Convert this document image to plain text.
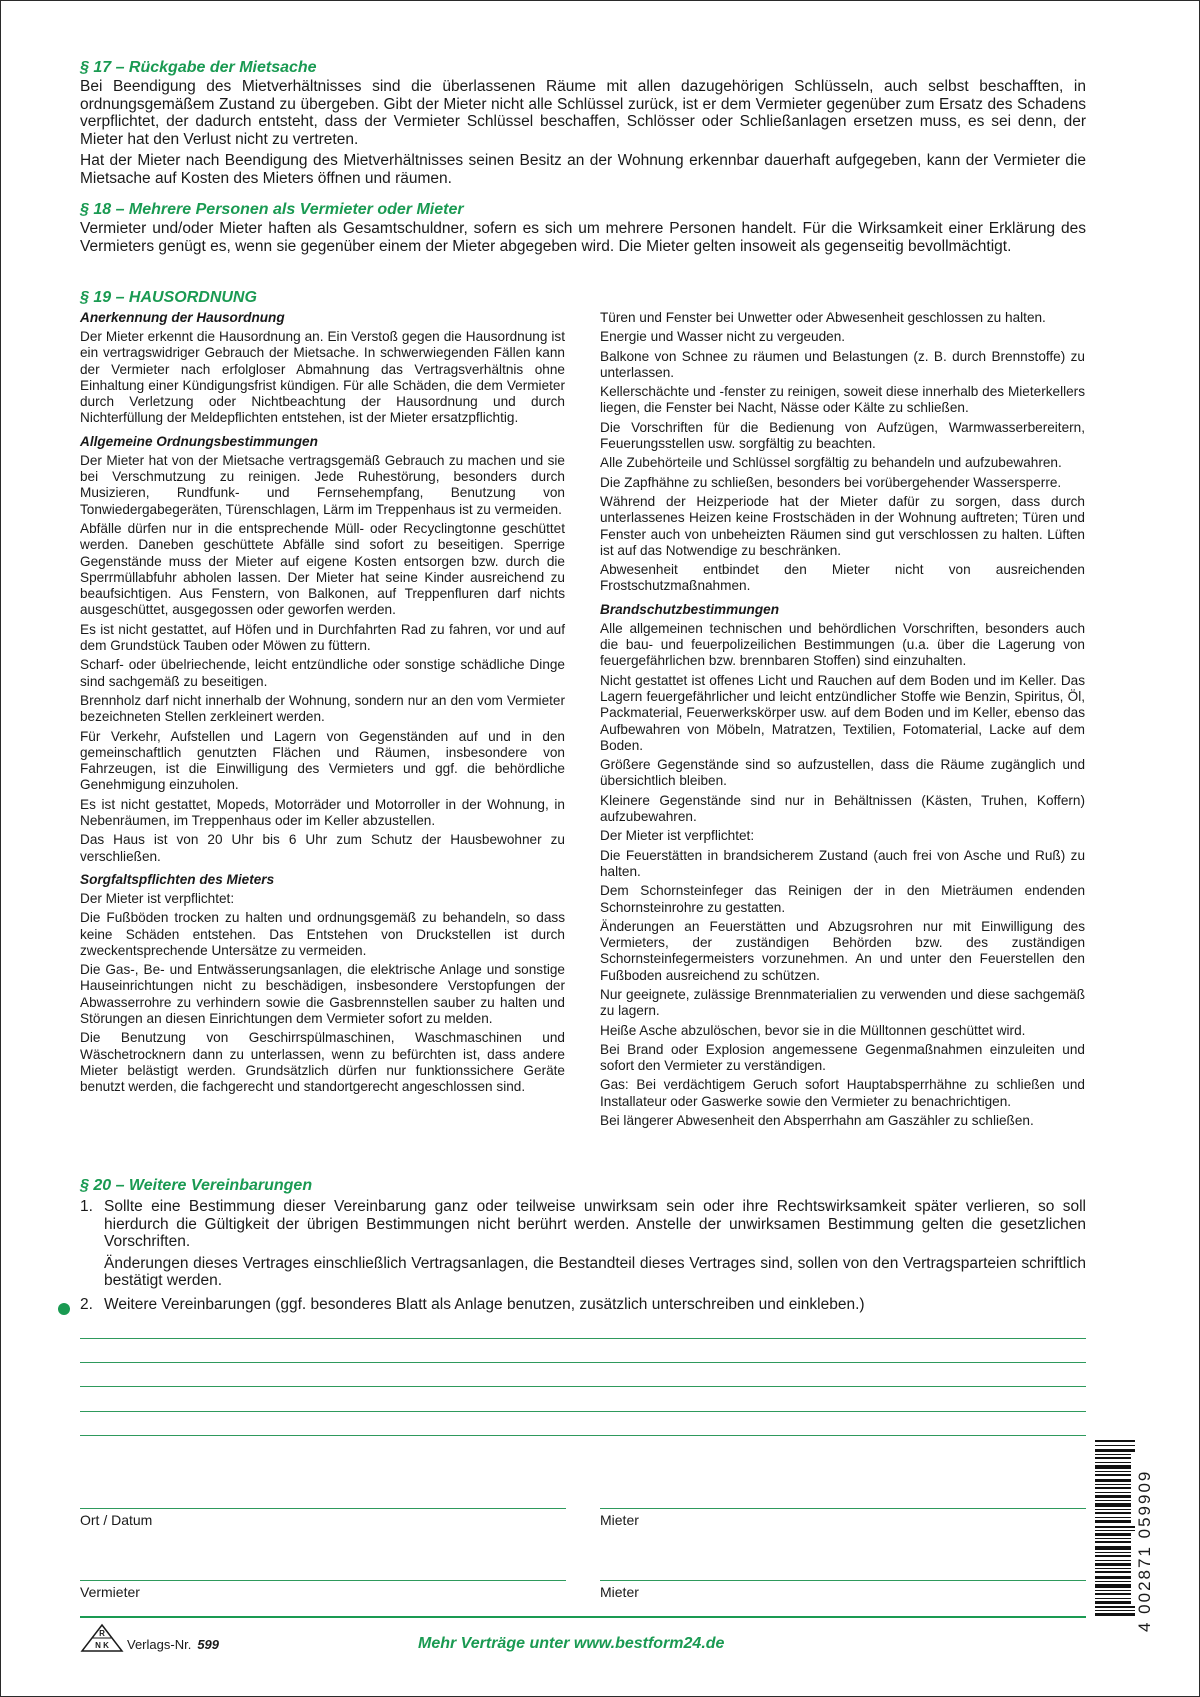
§ 17 – Rückgabe der Mietsache

Bei Beendigung des Mietverhältnisses sind die überlassenen Räume mit allen dazugehörigen Schlüsseln, auch selbst beschafften, in ordnungsgemäßem Zustand zu übergeben. Gibt der Mieter nicht alle Schlüssel zurück, ist er dem Vermieter gegenüber zum Ersatz des Schadens verpflichtet, der dadurch entsteht, dass der Vermieter Schlüssel beschaffen, Schlösser oder Schließanlagen ersetzen muss, es sei denn, der Mieter hat den Verlust nicht zu vertreten.

Hat der Mieter nach Beendigung des Mietverhältnisses seinen Besitz an der Wohnung erkennbar dauerhaft aufgegeben, kann der Vermieter die Mietsache auf Kosten des Mieters öffnen und räumen.

§ 18 – Mehrere Personen als Vermieter oder Mieter

Vermieter und/oder Mieter haften als Gesamtschuldner, sofern es sich um mehrere Personen handelt. Für die Wirksamkeit einer Erklärung des Vermieters genügt es, wenn sie gegenüber einem der Mieter abgegeben wird. Die Mieter gelten insoweit als gegenseitig bevollmächtigt.

§ 19 – HAUSORDNUNG
Anerkennung der Hausordnung

Der Mieter erkennt die Hausordnung an. Ein Verstoß gegen die Hausordnung ist ein vertragswidriger Gebrauch der Mietsache. In schwerwiegenden Fällen kann der Vermieter nach erfolgloser Abmahnung das Vertragsverhältnis ohne Einhaltung einer Kündigungsfrist kündigen. Für alle Schäden, die dem Vermieter durch Verletzung oder Nichtbeachtung der Hausordnung und durch Nichterfüllung der Meldepflichten entstehen, ist der Mieter ersatzpflichtig.

Allgemeine Ordnungsbestimmungen

Der Mieter hat von der Mietsache vertragsgemäß Gebrauch zu machen und sie bei Verschmutzung zu reinigen. Jede Ruhestörung, besonders durch Musizieren, Rundfunk- und Fernsehempfang, Benutzung von Tonwiedergabegeräten, Türenschlagen, Lärm im Treppenhaus ist zu vermeiden.

Abfälle dürfen nur in die entsprechende Müll- oder Recyclingtonne geschüttet werden. Daneben geschüttete Abfälle sind sofort zu beseitigen. Sperrige Gegenstände muss der Mieter auf eigene Kosten entsorgen bzw. durch die Sperrmüllabfuhr abholen lassen. Der Mieter hat seine Kinder ausreichend zu beaufsichtigen. Aus Fenstern, von Balkonen, auf Treppenfluren darf nichts ausgeschüttet, ausgegossen oder geworfen werden.

Es ist nicht gestattet, auf Höfen und in Durchfahrten Rad zu fahren, vor und auf dem Grundstück Tauben oder Möwen zu füttern.

Scharf- oder übelriechende, leicht entzündliche oder sonstige schädliche Dinge sind sachgemäß zu beseitigen.

Brennholz darf nicht innerhalb der Wohnung, sondern nur an den vom Vermieter bezeichneten Stellen zerkleinert werden.

Für Verkehr, Aufstellen und Lagern von Gegenständen auf und in den gemeinschaftlich genutzten Flächen und Räumen, insbesondere von Fahrzeugen, ist die Einwilligung des Vermieters und ggf. die behördliche Genehmigung einzuholen.

Es ist nicht gestattet, Mopeds, Motorräder und Motorroller in der Wohnung, in Nebenräumen, im Treppenhaus oder im Keller abzustellen.

Das Haus ist von 20 Uhr bis 6 Uhr zum Schutz der Hausbewohner zu verschließen.

Sorgfaltspflichten des Mieters

Der Mieter ist verpflichtet:

Die Fußböden trocken zu halten und ordnungsgemäß zu behandeln, so dass keine Schäden entstehen. Das Entstehen von Druckstellen ist durch zweckentsprechende Untersätze zu vermeiden.

Die Gas-, Be- und Entwässerungsanlagen, die elektrische Anlage und sonstige Hauseinrichtungen nicht zu beschädigen, insbesondere Verstopfungen der Abwasserrohre zu verhindern sowie die Gasbrennstellen sauber zu halten und Störungen an diesen Einrichtungen dem Vermieter sofort zu melden.

Die Benutzung von Geschirrspülmaschinen, Waschmaschinen und Wäschetrocknern dann zu unterlassen, wenn zu befürchten ist, dass andere Mieter belästigt werden. Grundsätzlich dürfen nur funktionssichere Geräte benutzt werden, die fachgerecht und standortgerecht angeschlossen sind.

Türen und Fenster bei Unwetter oder Abwesenheit geschlossen zu halten.

Energie und Wasser nicht zu vergeuden.

Balkone von Schnee zu räumen und Belastungen (z. B. durch Brennstoffe) zu unterlassen.

Kellerschächte und -fenster zu reinigen, soweit diese innerhalb des Mieterkellers liegen, die Fenster bei Nacht, Nässe oder Kälte zu schließen.

Die Vorschriften für die Bedienung von Aufzügen, Warmwasserbereitern, Feuerungsstellen usw. sorgfältig zu beachten.

Alle Zubehörteile und Schlüssel sorgfältig zu behandeln und aufzubewahren.

Die Zapfhähne zu schließen, besonders bei vorübergehender Wassersperre.

Während der Heizperiode hat der Mieter dafür zu sorgen, dass durch unterlassenes Heizen keine Frostschäden in der Wohnung auftreten; Türen und Fenster auch von unbeheizten Räumen sind gut verschlossen zu halten. Lüften ist auf das Notwendige zu beschränken.

Abwesenheit entbindet den Mieter nicht von ausreichenden Frostschutzmaßnahmen.

Brandschutzbestimmungen

Alle allgemeinen technischen und behördlichen Vorschriften, besonders auch die bau- und feuerpolizeilichen Bestimmungen (u.a. über die Lagerung von feuergefährlichen bzw. brennbaren Stoffen) sind einzuhalten.

Nicht gestattet ist offenes Licht und Rauchen auf dem Boden und im Keller. Das Lagern feuergefährlicher und leicht entzündlicher Stoffe wie Benzin, Spiritus, Öl, Packmaterial, Feuerwerkskörper usw. auf dem Boden und im Keller, ebenso das Aufbewahren von Möbeln, Matratzen, Textilien, Fotomaterial, Lacke auf dem Boden.

Größere Gegenstände sind so aufzustellen, dass die Räume zugänglich und übersichtlich bleiben.

Kleinere Gegenstände sind nur in Behältnissen (Kästen, Truhen, Koffern) aufzubewahren.

Der Mieter ist verpflichtet:

Die Feuerstätten in brandsicherem Zustand (auch frei von Asche und Ruß) zu halten.

Dem Schornsteinfeger das Reinigen der in den Mieträumen endenden Schornsteinrohre zu gestatten.

Änderungen an Feuerstätten und Abzugsrohren nur mit Einwilligung des Vermieters, der zuständigen Behörden bzw. des zuständigen Schornsteinfegermeisters vorzunehmen. An und unter den Feuerstellen den Fußboden ausreichend zu schützen.

Nur geeignete, zulässige Brennmaterialien zu verwenden und diese sachgemäß zu lagern.

Heiße Asche abzulöschen, bevor sie in die Mülltonnen geschüttet wird.

Bei Brand oder Explosion angemessene Gegenmaßnahmen einzuleiten und sofort den Vermieter zu verständigen.

Gas: Bei verdächtigem Geruch sofort Hauptabsperrhähne zu schließen und Installateur oder Gaswerke sowie den Vermieter zu benachrichtigen.

Bei längerer Abwesenheit den Absperrhahn am Gaszähler zu schließen.

§ 20 – Weitere Vereinbarungen
1. Sollte eine Bestimmung dieser Vereinbarung ganz oder teilweise unwirksam sein oder ihre Rechtswirksamkeit später verlieren, so soll hierdurch die Gültigkeit der übrigen Bestimmungen nicht berührt werden. Anstelle der unwirksamen Bestimmung gelten die gesetzlichen Vorschriften.

Änderungen dieses Vertrages einschließlich Vertragsanlagen, die Bestandteil dieses Vertrages sind, sollen von den Vertragsparteien schriftlich bestätigt werden.

2. Weitere Vereinbarungen (ggf. besonderes Blatt als Anlage benutzen, zusätzlich unterschreiben und einkleben.)

Ort / Datum	Mieter
Vermieter	Mieter
R
N K Verlags-Nr. 599	Mehr Verträge unter www.bestform24.de
4 002871 059909
